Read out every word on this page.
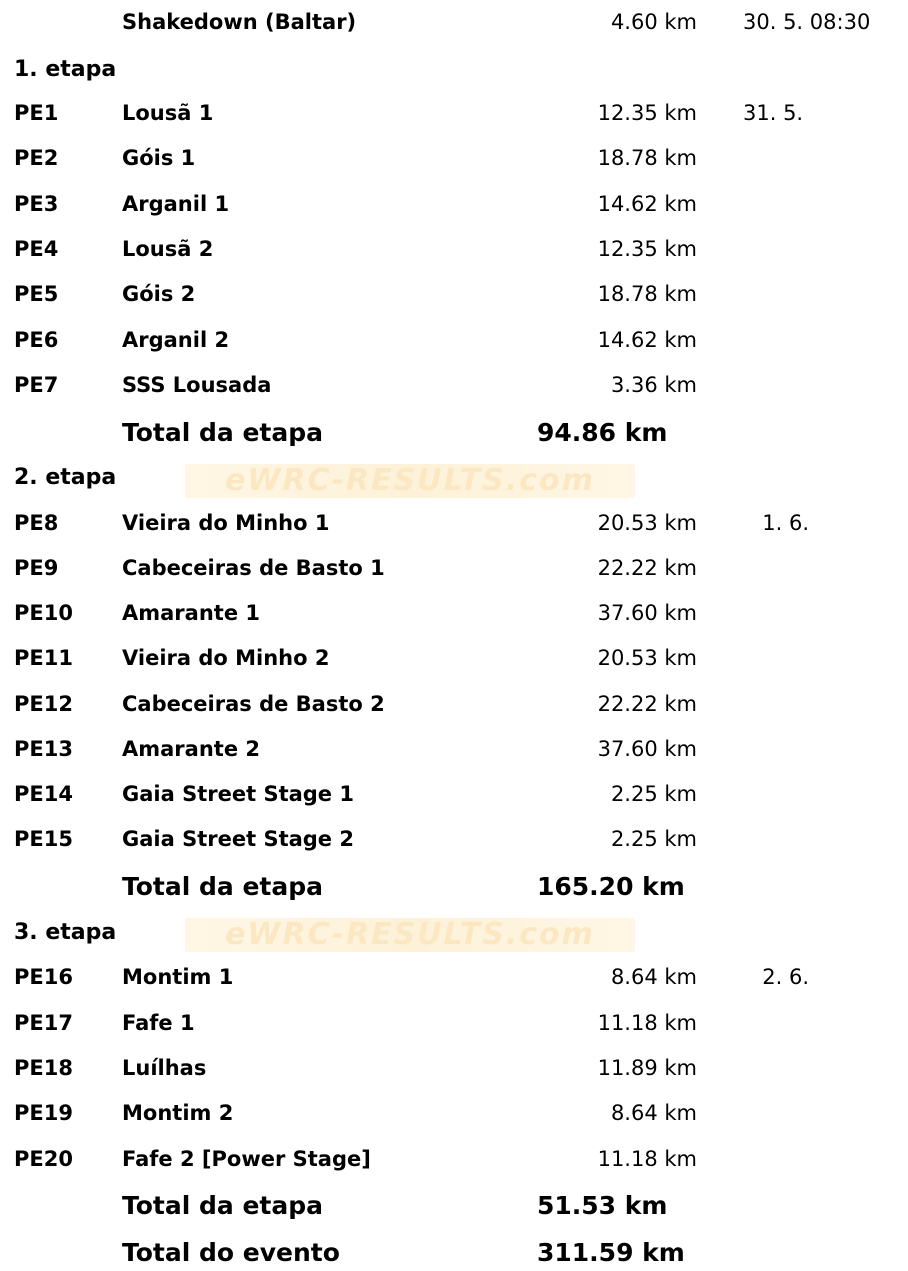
Shakedown (Baltar)	4.60 km 30. 5. 08:30
1. etapa
PE1	Lousã 1	12.35 km 31. 5.
PE2	Góis 1	18.78 km
PE3	Arganil 1	14.62 km
PE4	Lousã 2	12.35 km
PE5	Góis 2	18.78 km
PE6	Arganil 2	14.62 km
PE7	SSS Lousada	3.36 km
Total da etapa	94.86 km
eWRC-RESULTS.com
2. etapa
PE8	Vieira do Minho 1	20.53 km	1. 6.
PE9	Cabeceiras de Basto 1	22.22 km
PE10 Amarante 1	37.60 km
PE11 Vieira do Minho 2	20.53 km
PE12 Cabeceiras de Basto 2	22.22 km
PE13 Amarante 2	37.60 km
PE14 Gaia Street Stage 1	2.25 km
PE15 Gaia Street Stage 2	2.25 km
Total da etapa	165.20 km
eWRC-RESULTS.com
3. etapa
PE16 Montim 1	8.64 km	2. 6.
PE17 Fafe 1	11.18 km
PE18 Luílhas	11.89 km
PE19 Montim 2	8.64 km
PE20 Fafe 2 [Power Stage]	11.18 km
Total da etapa	51.53 km
Total do evento	311.59 km
